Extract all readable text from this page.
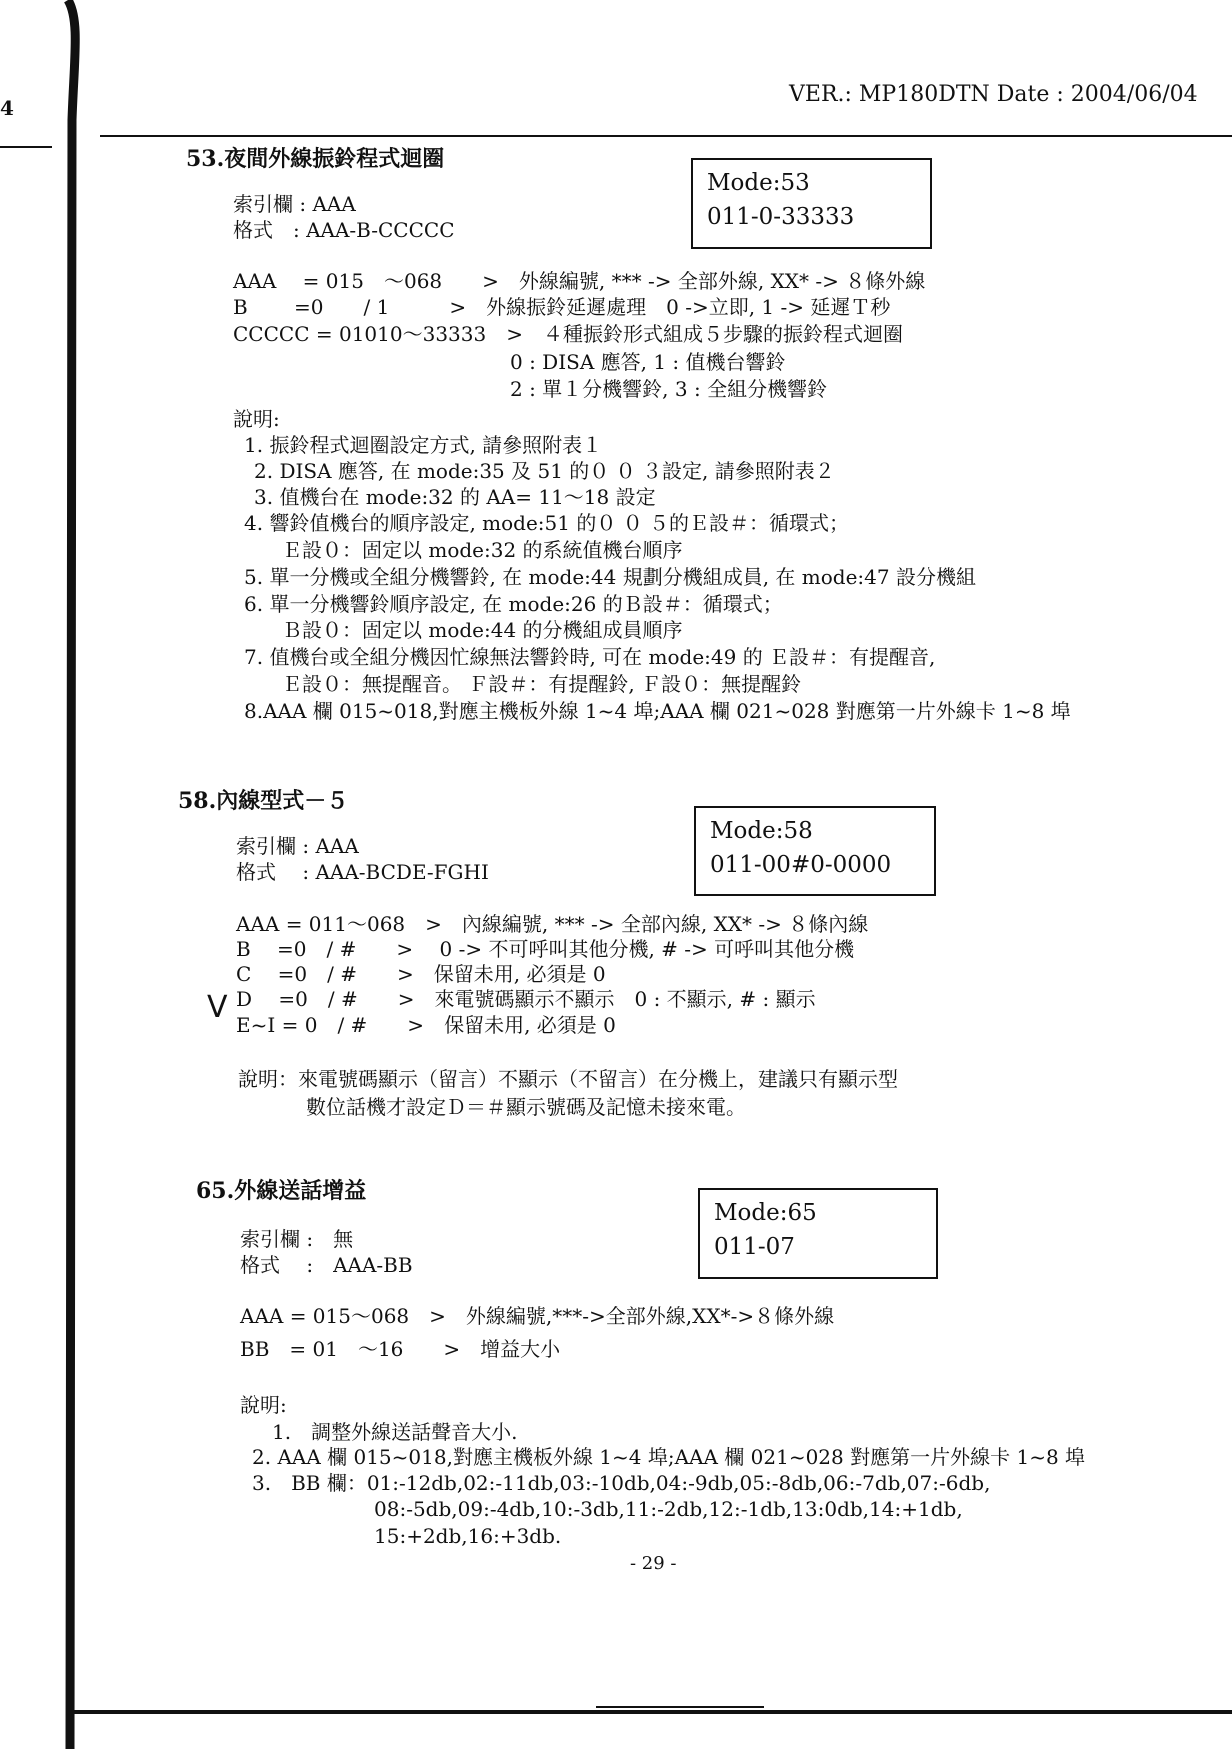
4
VER.: MP180DTN Date : 2004/06/04
53.夜間外線振鈴程式迴圈
索引欄 : AAA
格式　: AAA-B-CCCCC
Mode:53
011-0-33333
AAA　 = 015　～068　　>　外線編號, *** -> 全部外線, XX* -> ８條外線
B　　 =0　　/ 1　　　>　外線振鈴延遲處理　0 ->立即, 1 -> 延遲Ｔ秒
CCCCC = 01010～33333　>　４種振鈴形式組成５步驟的振鈴程式迴圈
0 : DISA 應答, 1 : 值機台響鈴
2 : 單１分機響鈴, 3 : 全組分機響鈴
說明:
1. 振鈴程式迴圈設定方式, 請參照附表１
2. DISA 應答, 在 mode:35 及 51 的０ ０ ３設定, 請參照附表２
3. 值機台在 mode:32 的 AA= 11～18 設定
4. 響鈴值機台的順序設定, mode:51 的０ ０ ５的Ｅ設＃：循環式；
Ｅ設０：固定以 mode:32 的系統值機台順序
5. 單一分機或全組分機響鈴, 在 mode:44 規劃分機組成員, 在 mode:47 設分機組
6. 單一分機響鈴順序設定, 在 mode:26 的Ｂ設＃：循環式；
Ｂ設０：固定以 mode:44 的分機組成員順序
7. 值機台或全組分機因忙線無法響鈴時, 可在 mode:49 的 Ｅ設＃：有提醒音,
Ｅ設０：無提醒音。 Ｆ設＃：有提醒鈴, Ｆ設０：無提醒鈴
8.AAA 欄 015~018,對應主機板外線 1~4 埠;AAA 欄 021~028 對應第一片外線卡 1~8 埠
58.內線型式－５
索引欄 : AAA
格式　 : AAA-BCDE-FGHI
Mode:58
011-00#0-0000
AAA = 011～068　>　內線編號, *** -> 全部內線, XX* -> ８條內線
B　 =0　/ #　　>　 0 -> 不可呼叫其他分機, # -> 可呼叫其他分機
C　 =0　/ #　　>　保留未用, 必須是 0
V D　 =0　/ #　　>　來電號碼顯示不顯示　0 : 不顯示, # : 顯示
E~I = 0　/ #　　>　保留未用, 必須是 0
說明：來電號碼顯示（留言）不顯示（不留言）在分機上，建議只有顯示型
數位話機才設定Ｄ＝＃顯示號碼及記憶未接來電。
65.外線送話增益
索引欄 :　無
格式　 :　AAA-BB
Mode:65
011-07
AAA = 015～068　>　外線編號,***->全部外線,XX*->８條外線
BB　= 01　～16　　>　增益大小
說明:
1.　調整外線送話聲音大小.
2. AAA 欄 015~018,對應主機板外線 1~4 埠;AAA 欄 021~028 對應第一片外線卡 1~8 埠
3.　BB 欄：01:-12db,02:-11db,03:-10db,04:-9db,05:-8db,06:-7db,07:-6db,
08:-5db,09:-4db,10:-3db,11:-2db,12:-1db,13:0db,14:+1db,
15:+2db,16:+3db.
- 29 -
